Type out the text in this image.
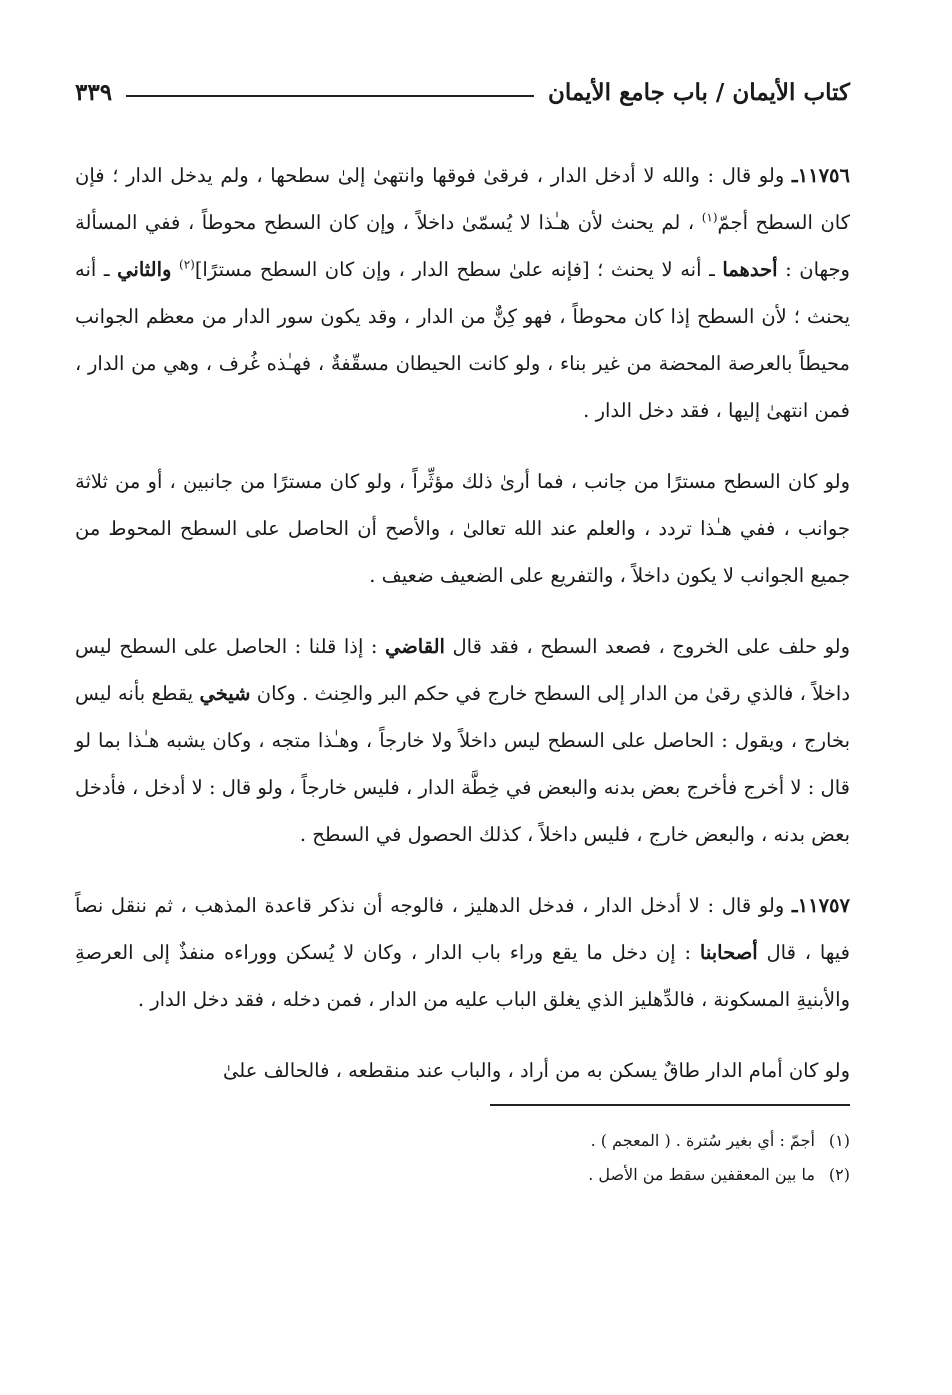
كتاب الأيمان / باب جامع الأيمان
٣٣٩

١١٧٥٦ـ ولو قال : والله لا أدخل الدار ، فرقىٰ فوقها وانتهىٰ إلىٰ سطحها ، ولم يدخل الدار ؛ فإن كان السطح أجمّ$^{(١)}$ ، لم يحنث لأن هـٰذا لا يُسمّىٰ داخلاً ، وإن كان السطح محوطاً ، ففي المسألة وجهان : أحدهما ـ أنه لا يحنث ؛ [فإنه علىٰ سطح الدار ، وإن كان السطح مسترًا]$^{(٢)}$ والثاني ـ أنه يحنث ؛ لأن السطح إذا كان محوطاً ، فهو كِنٌّ من الدار ، وقد يكون سور الدار من معظم الجوانب محيطاً بالعرصة المحضة من غير بناء ، ولو كانت الحيطان مسقّفةٌ ، فهـٰذه غُرف ، وهي من الدار ، فمن انتهىٰ إليها ، فقد دخل الدار .

ولو كان السطح مسترًا من جانب ، فما أرىٰ ذلك مؤثِّراً ، ولو كان مسترًا من جانبين ، أو من ثلاثة جوانب ، ففي هـٰذا تردد ، والعلم عند الله تعالىٰ ، والأصح أن الحاصل على السطح المحوط من جميع الجوانب لا يكون داخلاً ، والتفريع على الضعيف ضعيف .

ولو حلف على الخروج ، فصعد السطح ، فقد قال القاضي : إذا قلنا : الحاصل على السطح ليس داخلاً ، فالذي رقىٰ من الدار إلى السطح خارج في حكم البر والحِنث . وكان شيخي يقطع بأنه ليس بخارج ، ويقول : الحاصل على السطح ليس داخلاً ولا خارجاً ، وهـٰذا متجه ، وكان يشبه هـٰذا بما لو قال : لا أخرج فأخرج بعض بدنه والبعض في خِطَّة الدار ، فليس خارجاً ، ولو قال : لا أدخل ، فأدخل بعض بدنه ، والبعض خارج ، فليس داخلاً ، كذلك الحصول في السطح .

١١٧٥٧ـ ولو قال : لا أدخل الدار ، فدخل الدهليز ، فالوجه أن نذكر قاعدة المذهب ، ثم ننقل نصاً فيها ، قال أصحابنا : إن دخل ما يقع وراء باب الدار ، وكان لا يُسكن ووراءه منفذٌ إلى العرصةِ والأبنيةِ المسكونة ، فالدِّهليز الذي يغلق الباب عليه من الدار ، فمن دخله ، فقد دخل الدار .

ولو كان أمام الدار طاقٌ يسكن به من أراد ، والباب عند منقطعه ، فالحالف علىٰ

(١)أجمّ : أي بغير سُترة . ( المعجم ) .
(٢)ما بين المعقفين سقط من الأصل .
